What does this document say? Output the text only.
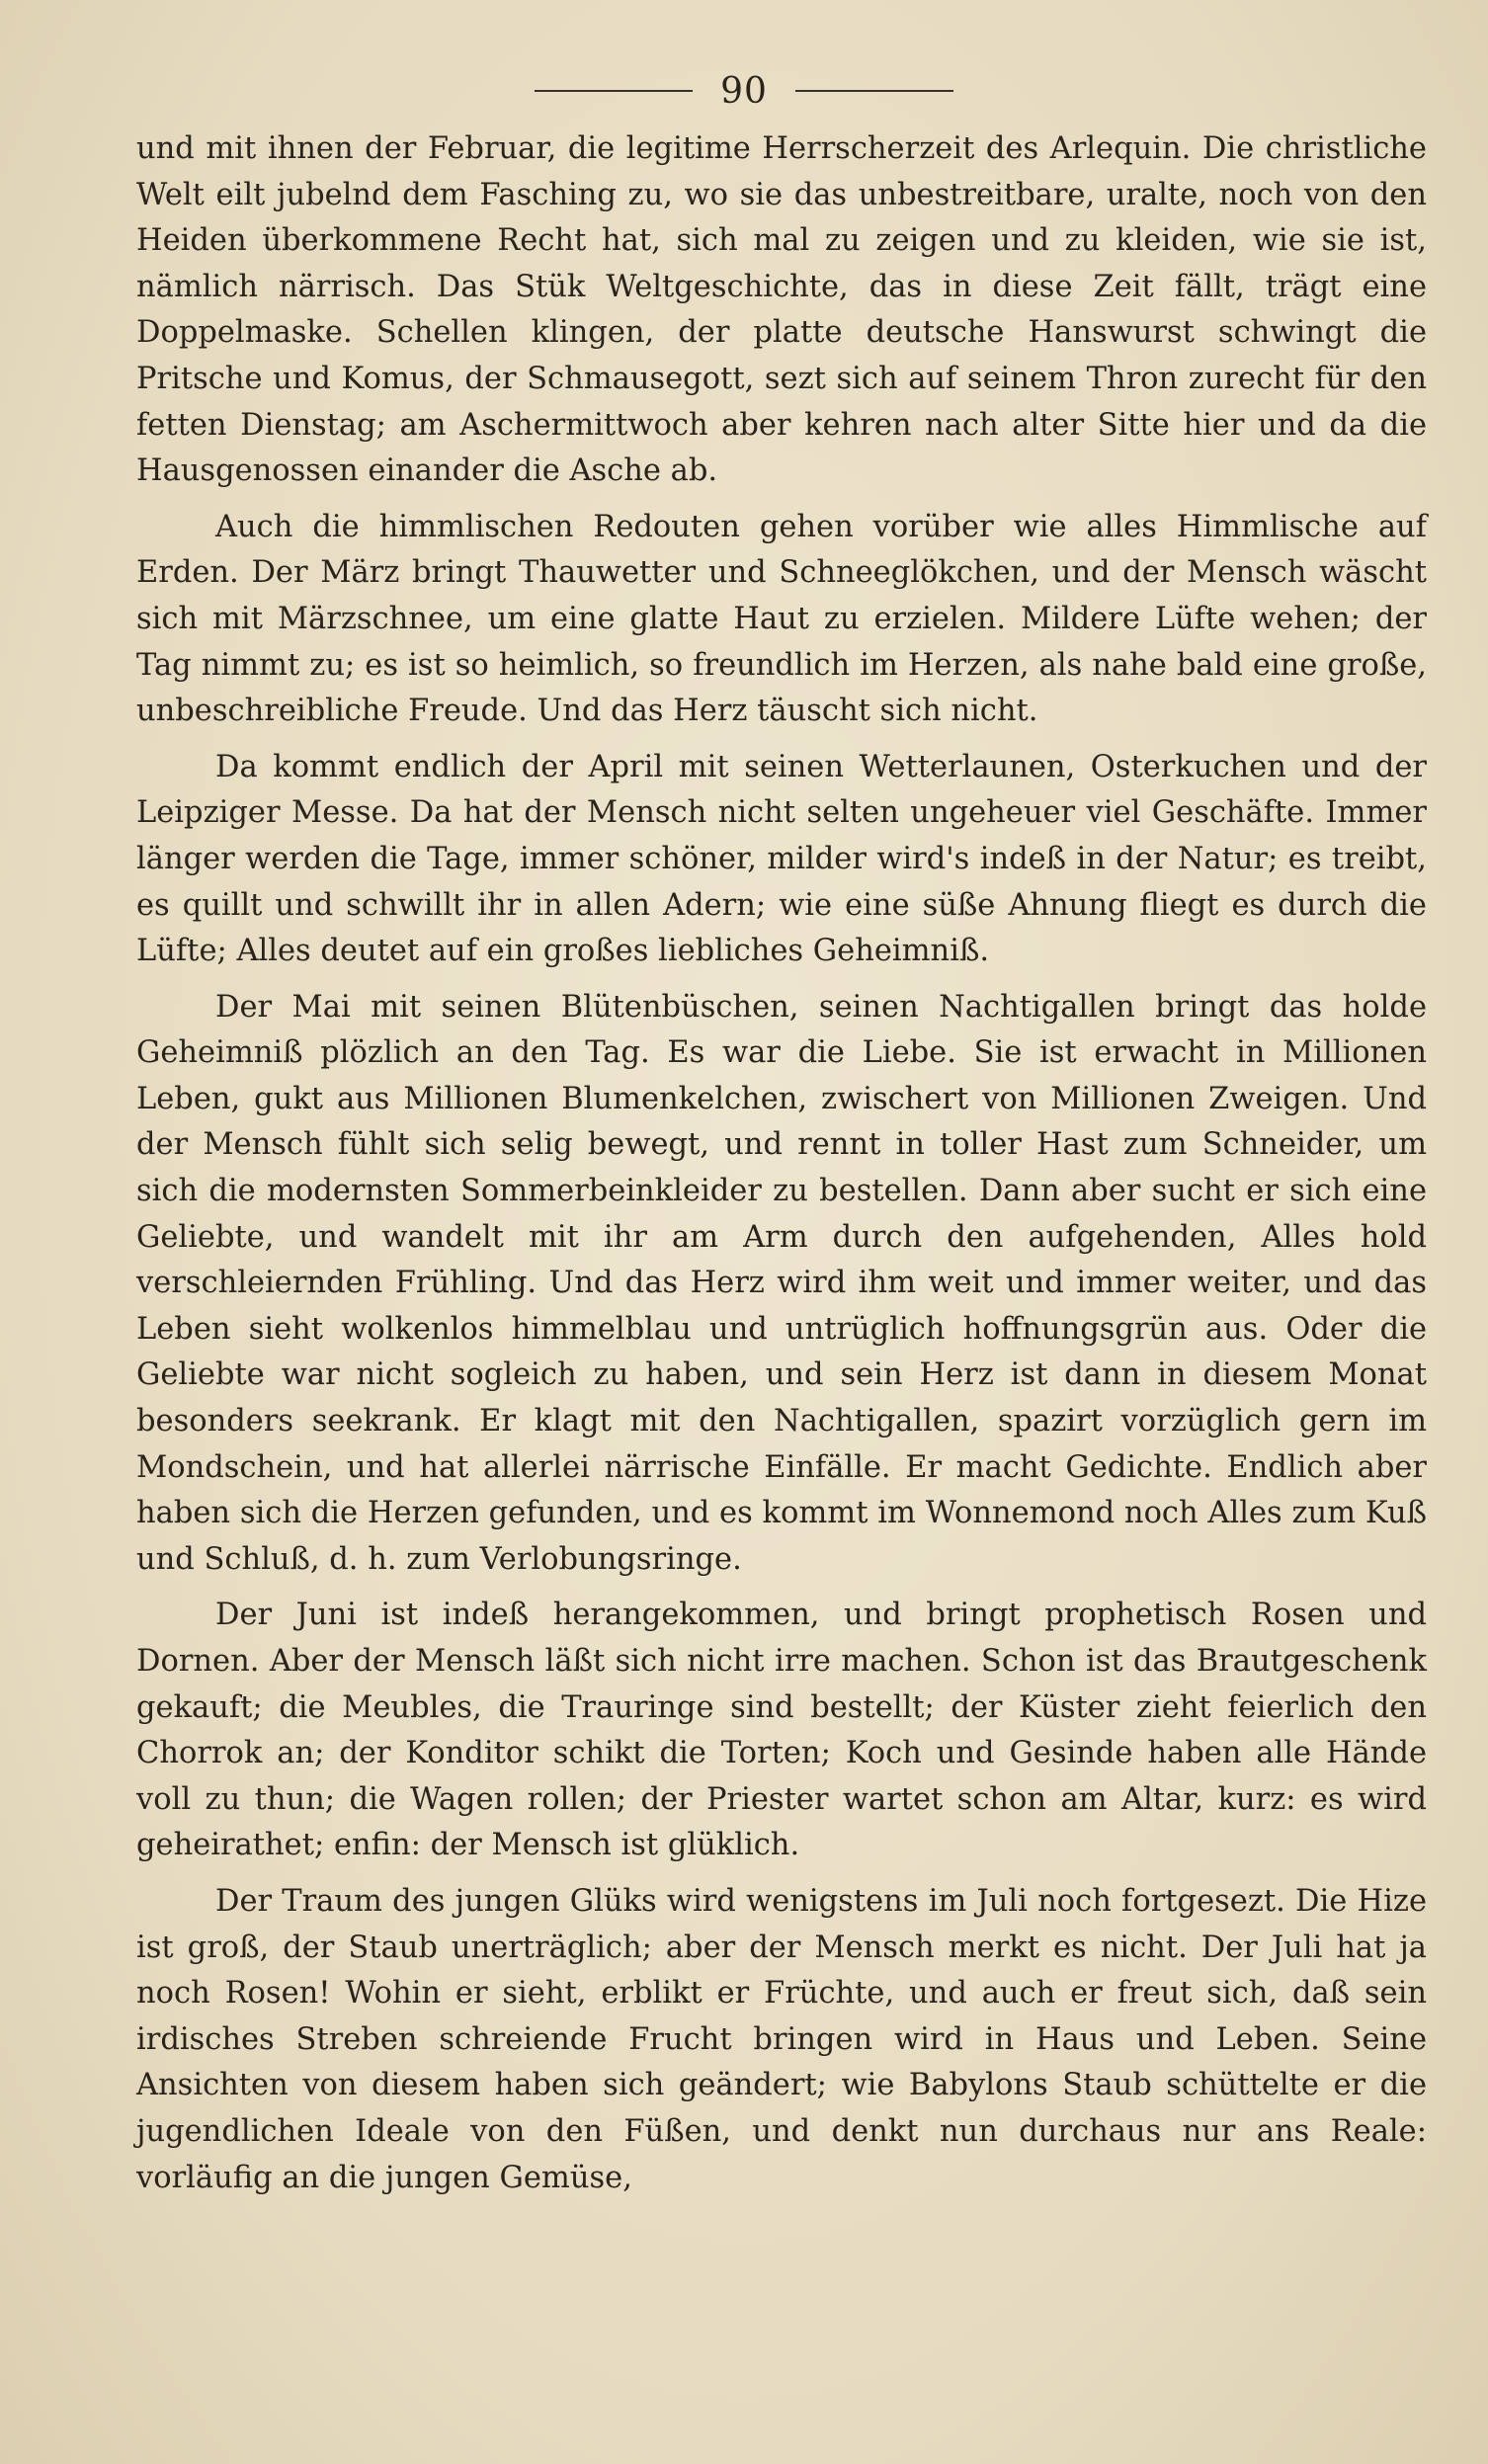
90

und mit ihnen der Februar, die legitime Herrscherzeit des Arlequin. Die christliche Welt eilt jubelnd dem Fasching zu, wo sie das unbestreitbare, uralte, noch von den Heiden überkommene Recht hat, sich mal zu zeigen und zu kleiden, wie sie ist, nämlich närrisch. Das Stük Weltgeschichte, das in diese Zeit fällt, trägt eine Doppelmaske. Schellen klingen, der platte deutsche Hanswurst schwingt die Pritsche und Komus, der Schmausegott, sezt sich auf seinem Thron zurecht für den fetten Dienstag; am Aschermittwoch aber kehren nach alter Sitte hier und da die Hausgenossen einander die Asche ab.

Auch die himmlischen Redouten gehen vorüber wie alles Himmlische auf Erden. Der März bringt Thauwetter und Schneeglökchen, und der Mensch wäscht sich mit Märzschnee, um eine glatte Haut zu erzielen. Mildere Lüfte wehen; der Tag nimmt zu; es ist so heimlich, so freundlich im Herzen, als nahe bald eine große, unbeschreibliche Freude. Und das Herz täuscht sich nicht.

Da kommt endlich der April mit seinen Wetterlaunen, Osterkuchen und der Leipziger Messe. Da hat der Mensch nicht selten ungeheuer viel Geschäfte. Immer länger werden die Tage, immer schöner, milder wird's indeß in der Natur; es treibt, es quillt und schwillt ihr in allen Adern; wie eine süße Ahnung fliegt es durch die Lüfte; Alles deutet auf ein großes liebliches Geheimniß.

Der Mai mit seinen Blütenbüschen, seinen Nachtigallen bringt das holde Geheimniß plözlich an den Tag. Es war die Liebe. Sie ist erwacht in Millionen Leben, gukt aus Millionen Blumenkelchen, zwischert von Millionen Zweigen. Und der Mensch fühlt sich selig bewegt, und rennt in toller Hast zum Schneider, um sich die modernsten Sommerbeinkleider zu bestellen. Dann aber sucht er sich eine Geliebte, und wandelt mit ihr am Arm durch den aufgehenden, Alles hold verschleiernden Frühling. Und das Herz wird ihm weit und immer weiter, und das Leben sieht wolkenlos himmelblau und untrüglich hoffnungsgrün aus. Oder die Geliebte war nicht sogleich zu haben, und sein Herz ist dann in diesem Monat besonders seekrank. Er klagt mit den Nachtigallen, spazirt vorzüglich gern im Mondschein, und hat allerlei närrische Einfälle. Er macht Gedichte. Endlich aber haben sich die Herzen gefunden, und es kommt im Wonnemond noch Alles zum Kuß und Schluß, d. h. zum Verlobungsringe.

Der Juni ist indeß herangekommen, und bringt prophetisch Rosen und Dornen. Aber der Mensch läßt sich nicht irre machen. Schon ist das Brautgeschenk gekauft; die Meubles, die Trauringe sind bestellt; der Küster zieht feierlich den Chorrok an; der Konditor schikt die Torten; Koch und Gesinde haben alle Hände voll zu thun; die Wagen rollen; der Priester wartet schon am Altar, kurz: es wird geheirathet; enfin: der Mensch ist glüklich.

Der Traum des jungen Glüks wird wenigstens im Juli noch fortgesezt. Die Hize ist groß, der Staub unerträglich; aber der Mensch merkt es nicht. Der Juli hat ja noch Rosen! Wohin er sieht, erblikt er Früchte, und auch er freut sich, daß sein irdisches Streben schreiende Frucht bringen wird in Haus und Leben. Seine Ansichten von diesem haben sich geändert; wie Babylons Staub schüttelte er die jugendlichen Ideale von den Füßen, und denkt nun durchaus nur ans Reale: vorläufig an die jungen Gemüse,
